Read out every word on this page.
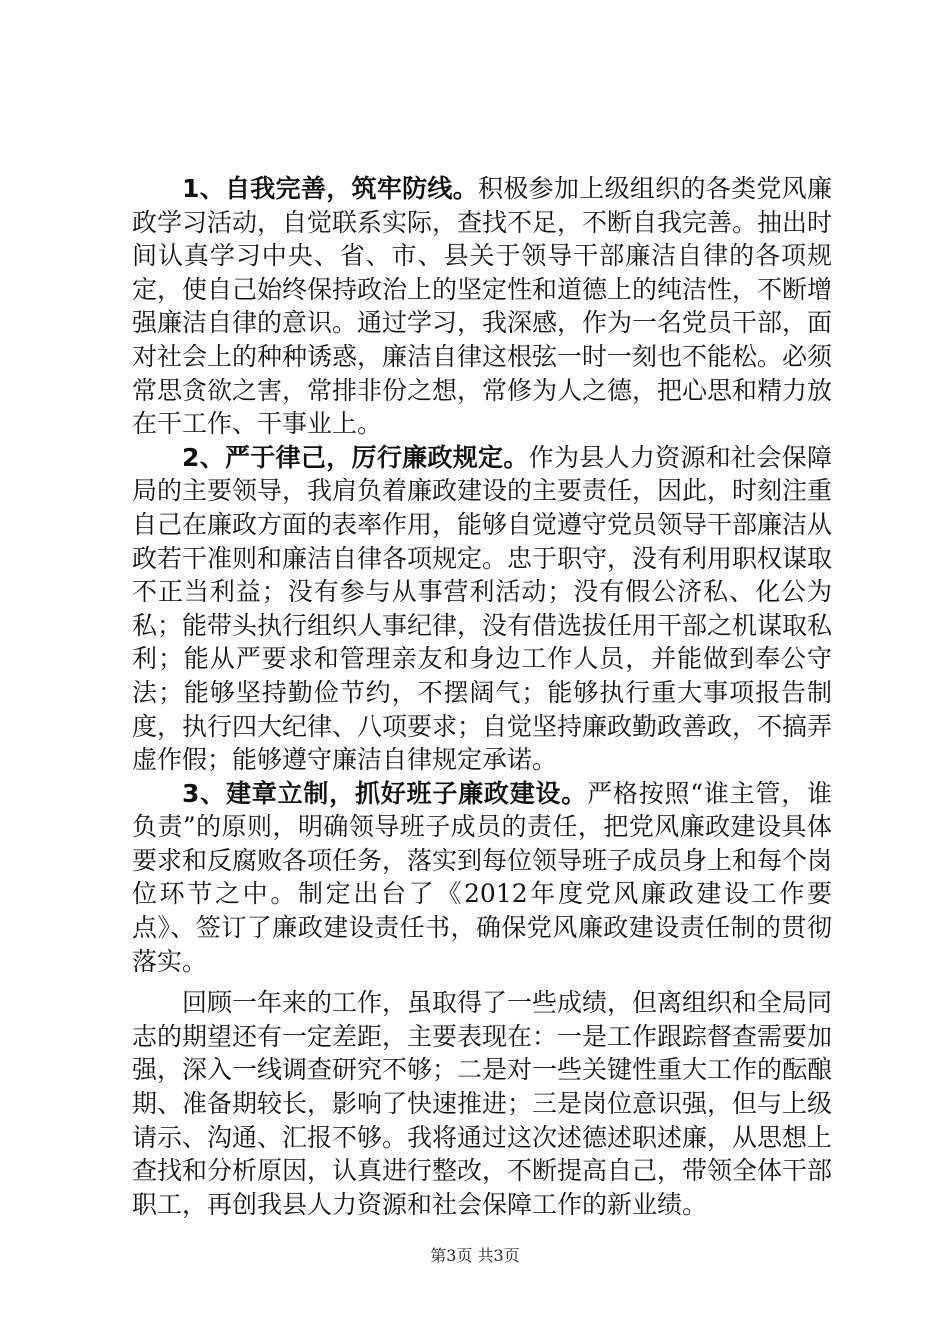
1、自我完善，筑牢防线。积极参加上级组织的各类党风廉政学习活动，自觉联系实际，查找不足，不断自我完善。抽出时间认真学习中央、省、市、县关于领导干部廉洁自律的各项规定，使自己始终保持政治上的坚定性和道德上的纯洁性，不断增强廉洁自律的意识。通过学习，我深感，作为一名党员干部，面对社会上的种种诱惑，廉洁自律这根弦一时一刻也不能松。必须常思贪欲之害，常排非份之想，常修为人之德，把心思和精力放在干工作、干事业上。

2、严于律己，厉行廉政规定。作为县人力资源和社会保障局的主要领导，我肩负着廉政建设的主要责任，因此，时刻注重自己在廉政方面的表率作用，能够自觉遵守党员领导干部廉洁从政若干准则和廉洁自律各项规定。忠于职守，没有利用职权谋取不正当利益；没有参与从事营利活动；没有假公济私、化公为私；能带头执行组织人事纪律，没有借选拔任用干部之机谋取私利；能从严要求和管理亲友和身边工作人员，并能做到奉公守法；能够坚持勤俭节约，不摆阔气；能够执行重大事项报告制度，执行四大纪律、八项要求；自觉坚持廉政勤政善政，不搞弄虚作假；能够遵守廉洁自律规定承诺。

3、建章立制，抓好班子廉政建设。严格按照“谁主管，谁负责”的原则，明确领导班子成员的责任，把党风廉政建设具体要求和反腐败各项任务，落实到每位领导班子成员身上和每个岗位环节之中。制定出台了《2012年度党风廉政建设工作要点》、签订了廉政建设责任书，确保党风廉政建设责任制的贯彻落实。

回顾一年来的工作，虽取得了一些成绩，但离组织和全局同志的期望还有一定差距，主要表现在：一是工作跟踪督查需要加强，深入一线调查研究不够；二是对一些关键性重大工作的酝酿期、准备期较长，影响了快速推进；三是岗位意识强，但与上级请示、沟通、汇报不够。我将通过这次述德述职述廉，从思想上查找和分析原因，认真进行整改，不断提高自己，带领全体干部职工，再创我县人力资源和社会保障工作的新业绩。

第3页 共3页
